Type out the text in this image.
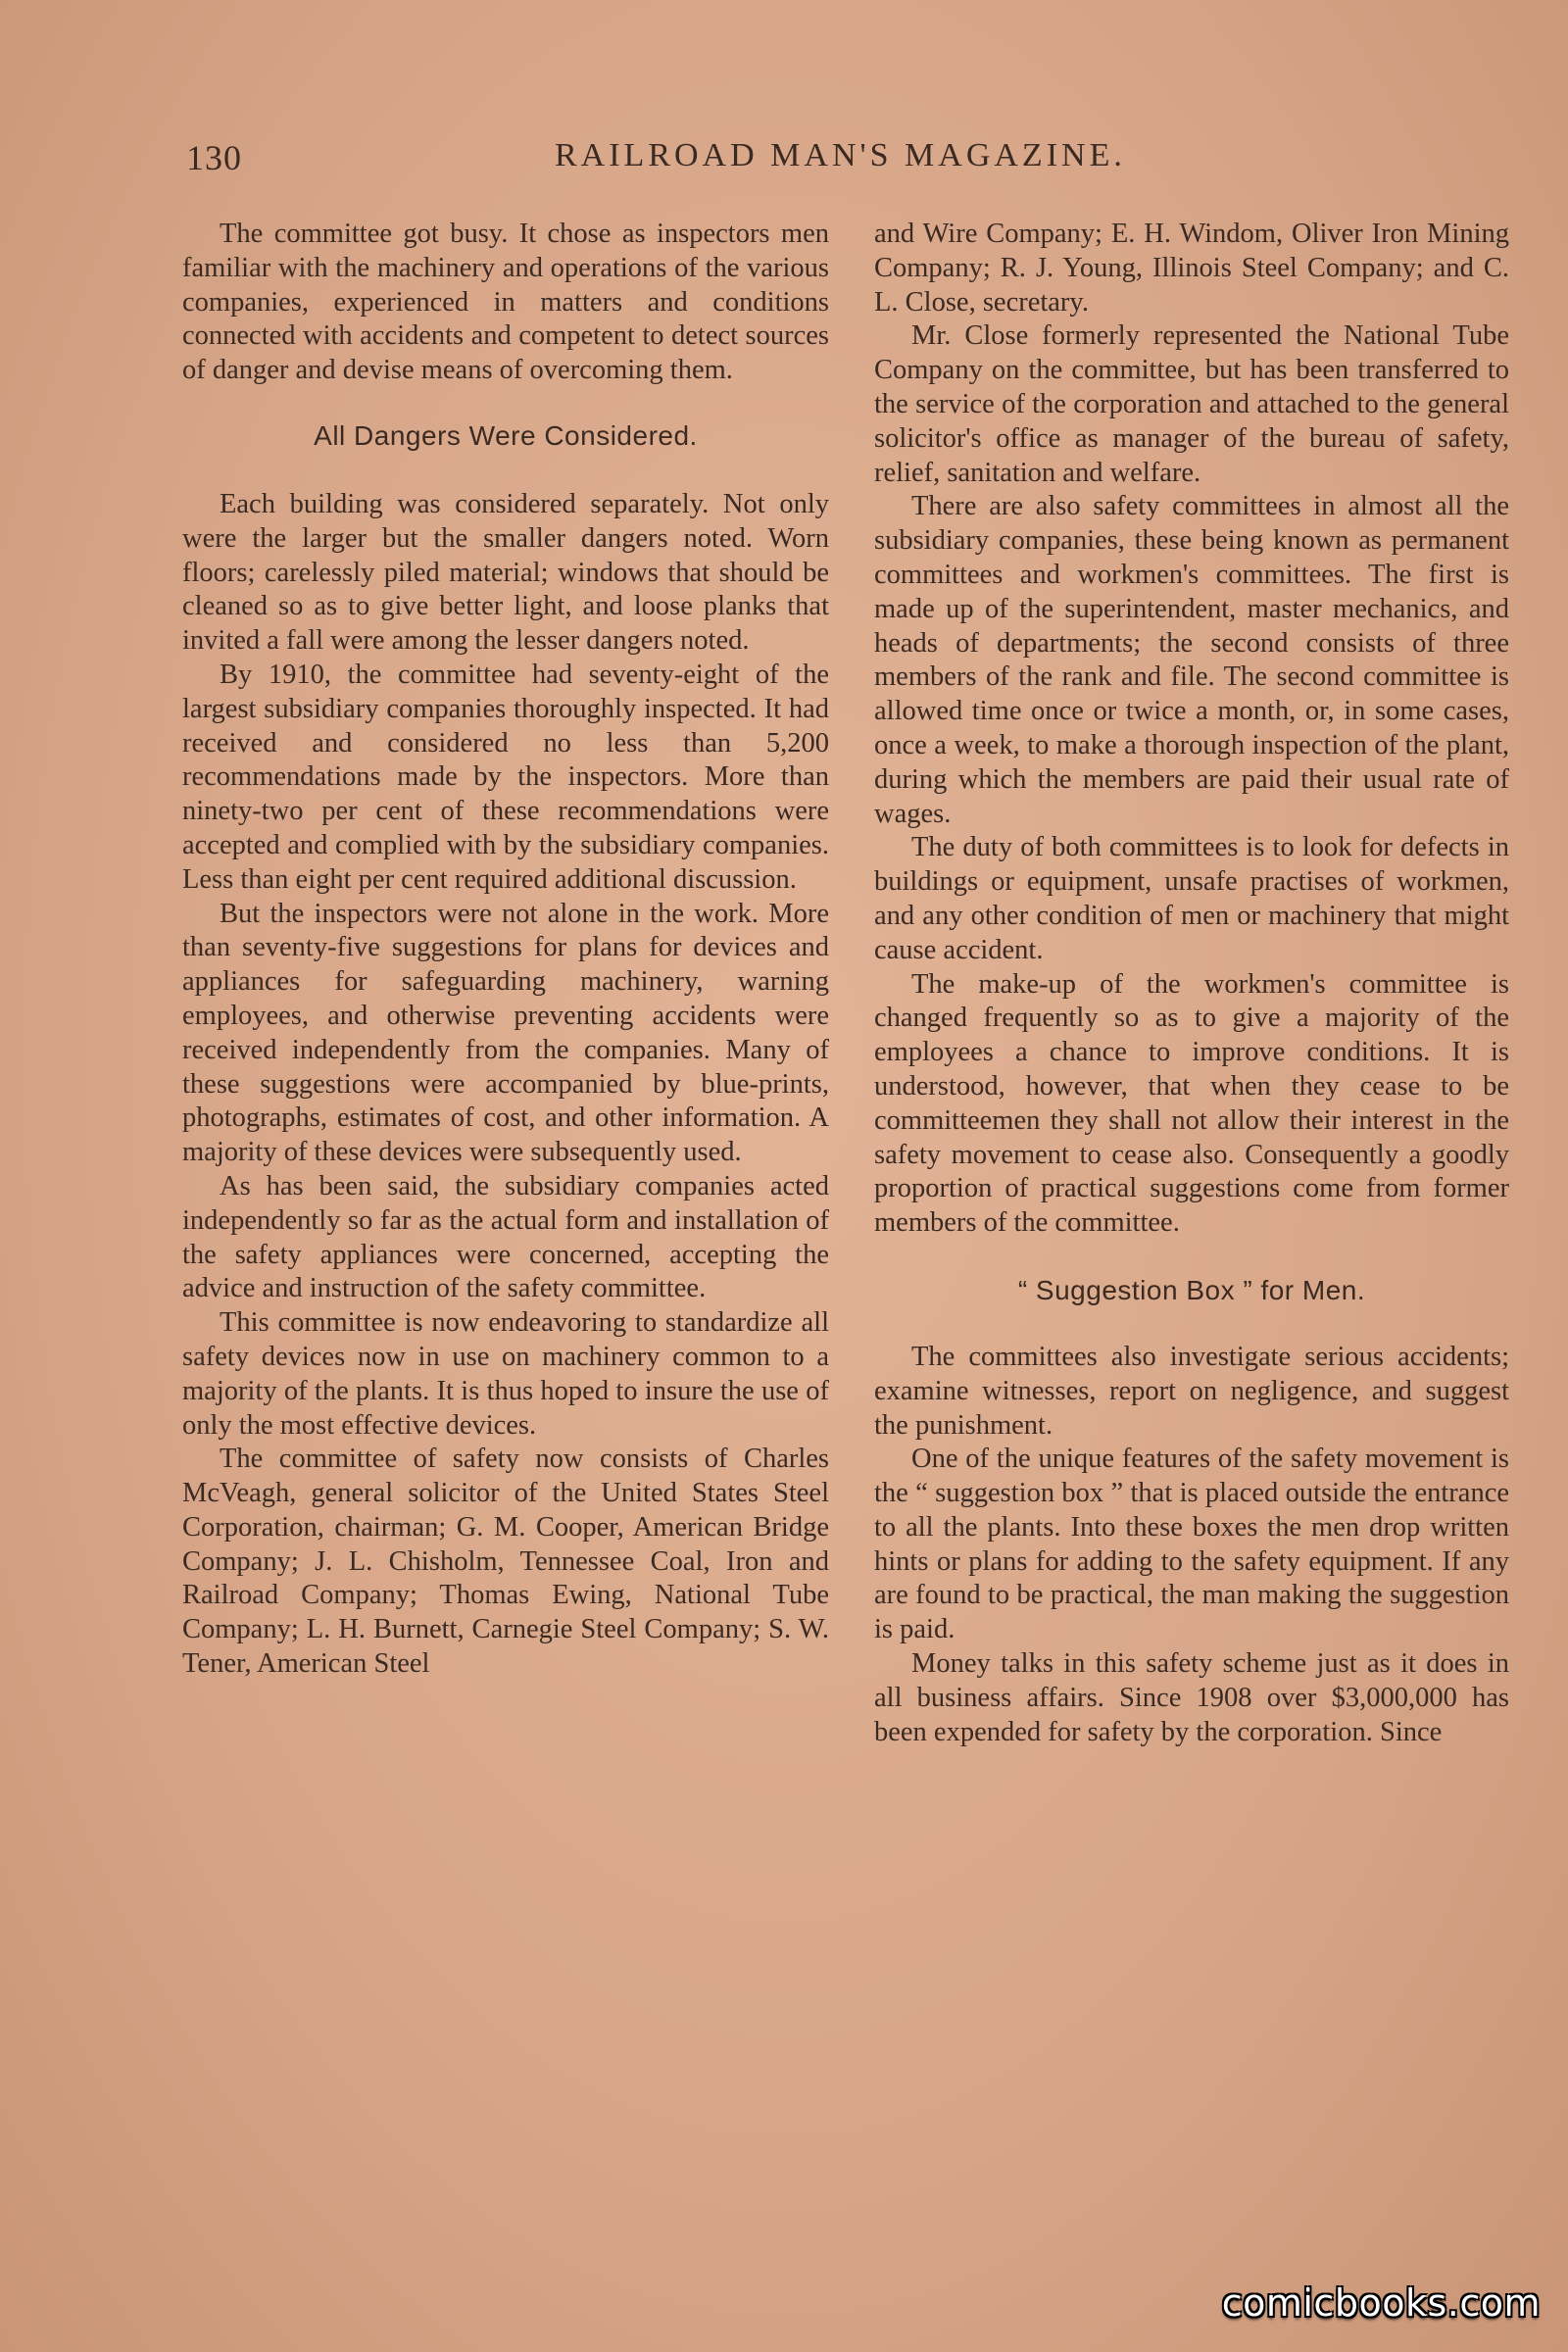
130	RAILROAD MAN'S MAGAZINE.

The committee got busy. It chose as inspectors men familiar with the machinery and operations of the various companies, experienced in matters and conditions connected with accidents and competent to detect sources of danger and devise means of overcoming them.

All Dangers Were Considered.

Each building was considered separately. Not only were the larger but the smaller dangers noted. Worn floors; carelessly piled material; windows that should be cleaned so as to give better light, and loose planks that invited a fall were among the lesser dangers noted.

By 1910, the committee had seventy-eight of the largest subsidiary companies thoroughly inspected. It had received and considered no less than 5,200 recommendations made by the inspectors. More than ninety-two per cent of these recommendations were accepted and complied with by the subsidiary companies. Less than eight per cent required additional discussion.

But the inspectors were not alone in the work. More than seventy-five suggestions for plans for devices and appliances for safeguarding machinery, warning employees, and otherwise preventing accidents were received independently from the companies. Many of these suggestions were accompanied by blue-prints, photographs, estimates of cost, and other information. A majority of these devices were subsequently used.

As has been said, the subsidiary companies acted independently so far as the actual form and installation of the safety appliances were concerned, accepting the advice and instruction of the safety committee.

This committee is now endeavoring to standardize all safety devices now in use on machinery common to a majority of the plants. It is thus hoped to insure the use of only the most effective devices.

The committee of safety now consists of Charles McVeagh, general solicitor of the United States Steel Corporation, chairman; G. M. Cooper, American Bridge Company; J. L. Chisholm, Tennessee Coal, Iron and Railroad Company; Thomas Ewing, National Tube Company; L. H. Burnett, Carnegie Steel Company; S. W. Tener, American Steel

and Wire Company; E. H. Windom, Oliver Iron Mining Company; R. J. Young, Illinois Steel Company; and C. L. Close, secretary.

Mr. Close formerly represented the National Tube Company on the committee, but has been transferred to the service of the corporation and attached to the general solicitor's office as manager of the bureau of safety, relief, sanitation and welfare.

There are also safety committees in almost all the subsidiary companies, these being known as permanent committees and workmen's committees. The first is made up of the superintendent, master mechanics, and heads of departments; the second consists of three members of the rank and file. The second committee is allowed time once or twice a month, or, in some cases, once a week, to make a thorough inspection of the plant, during which the members are paid their usual rate of wages.

The duty of both committees is to look for defects in buildings or equipment, unsafe practises of workmen, and any other condition of men or machinery that might cause accident.

The make-up of the workmen's committee is changed frequently so as to give a majority of the employees a chance to improve conditions. It is understood, however, that when they cease to be committeemen they shall not allow their interest in the safety movement to cease also. Consequently a goodly proportion of practical suggestions come from former members of the committee.

“ Suggestion Box ” for Men.

The committees also investigate serious accidents; examine witnesses, report on negligence, and suggest the punishment.

One of the unique features of the safety movement is the “ suggestion box ” that is placed outside the entrance to all the plants. Into these boxes the men drop written hints or plans for adding to the safety equipment. If any are found to be practical, the man making the suggestion is paid.

Money talks in this safety scheme just as it does in all business affairs. Since 1908 over $3,000,000 has been expended for safety by the corporation. Since

comicbooks.com
